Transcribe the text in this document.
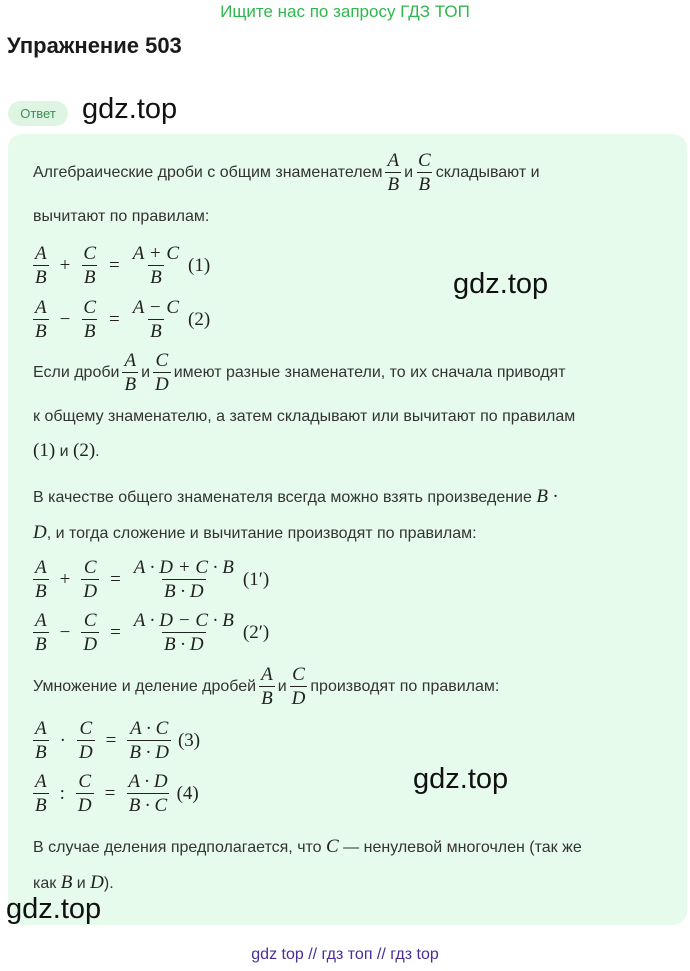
Ищите нас по запросу ГДЗ ТОП
Упражнение 503
Ответ gdz.top
Алгебраические дроби с общим знаменателем $\frac{A}{B}$ и $\frac{C}{B}$ складывают и
вычитают по правилам:
$\frac{A}{B} + \frac{C}{B} = \frac{A + C}{B} (1)$
$\frac{A}{B} - \frac{C}{B} = \frac{A - C}{B} (2)$
gdz.top
Если дроби $\frac{A}{B}$ и $\frac{C}{D}$ имеют разные знаменатели, то их сначала приводят
к общему знаменателю, а затем складывают или вычитают по правилам
(1) и (2).
В качестве общего знаменателя всегда можно взять произведение B ·
D, и тогда сложение и вычитание производят по правилам:
$\frac{A}{B} + \frac{C}{D} = \frac{A \cdot D + C \cdot B}{B \cdot D} (1')$
$\frac{A}{B} - \frac{C}{D} = \frac{A \cdot D - C \cdot B}{B \cdot D} (2')$
Умножение и деление дробей $\frac{A}{B}$ и $\frac{C}{D}$ производят по правилам:
$\frac{A}{B} \cdot \frac{C}{D} = \frac{A \cdot C}{B \cdot D} (3)$
$\frac{A}{B}$ : $\frac{C}{D} = \frac{A \cdot D}{B \cdot C} (4)$	gdz.top
В случае деления предполагается, что C — ненулевой многочлен (так же
как B и D).
gdz.top
gdz top // гдз топ // гдз top
